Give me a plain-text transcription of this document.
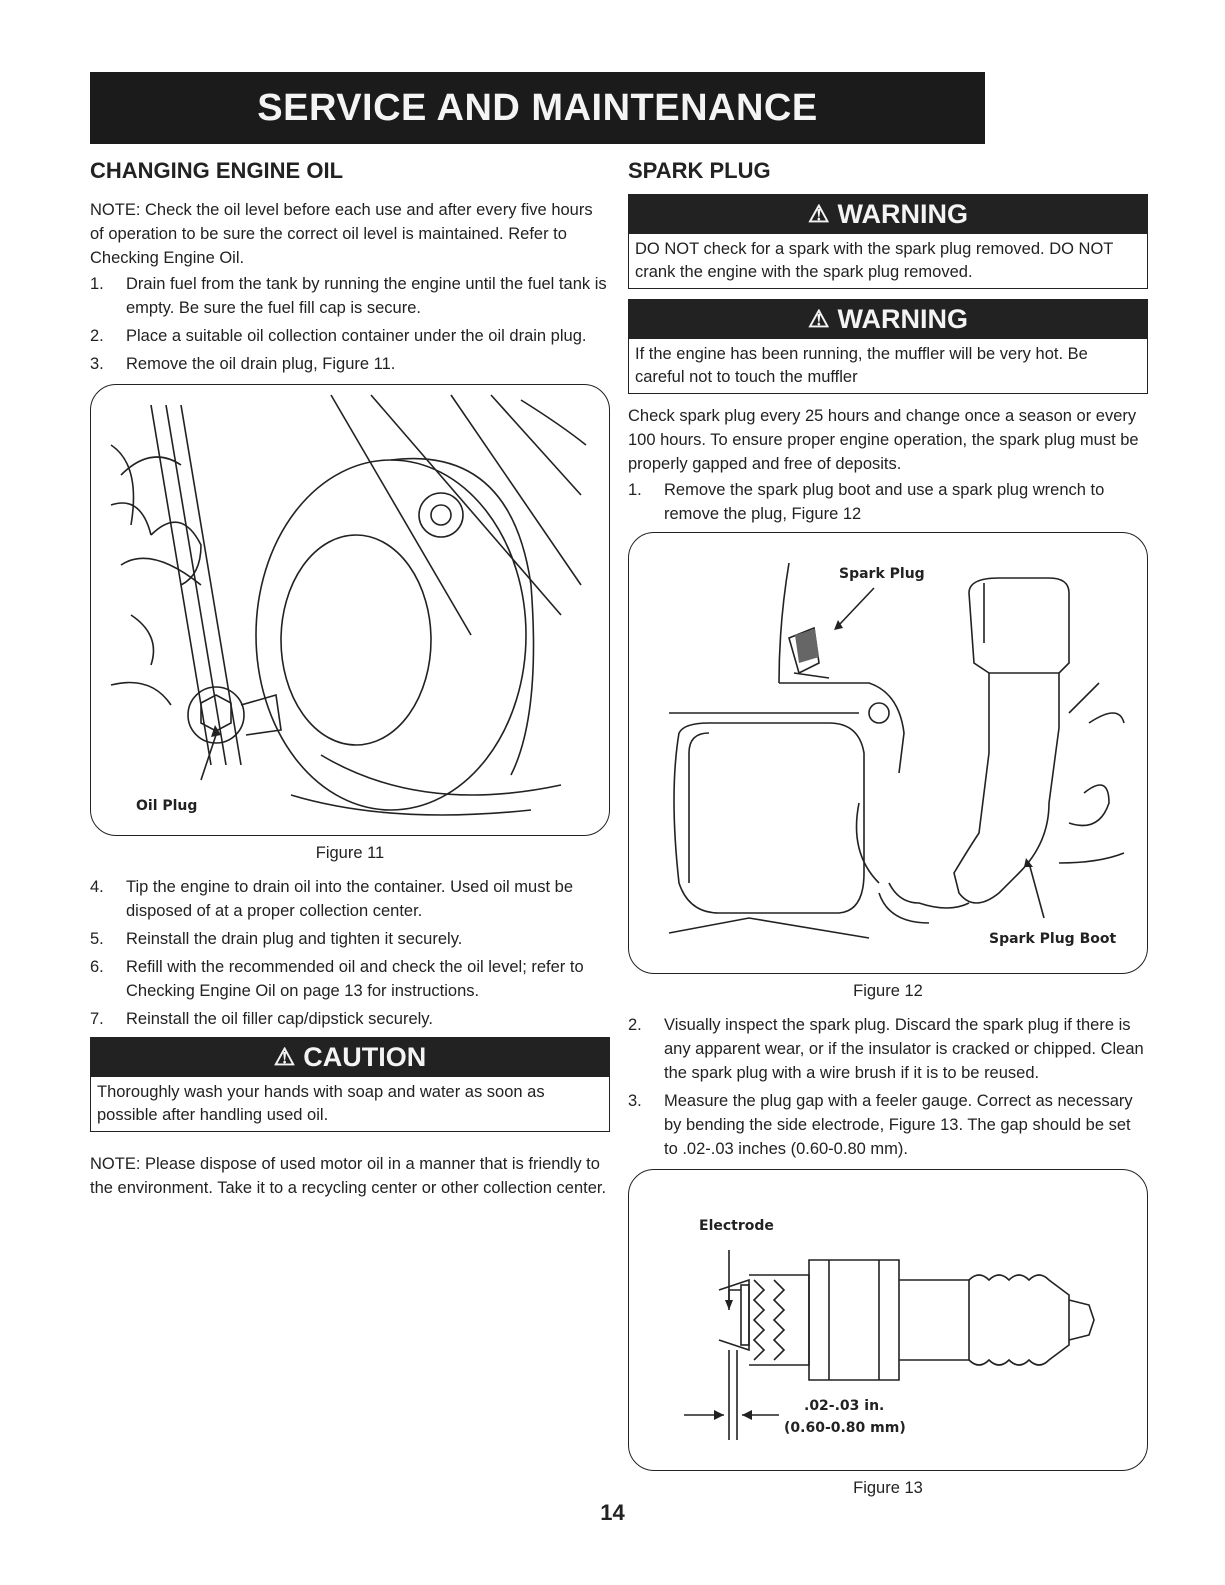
SERVICE AND MAINTENANCE
CHANGING ENGINE OIL

NOTE: Check the oil level before each use and after every five hours of operation to be sure the correct oil level is maintained. Refer to Checking Engine Oil.

1.	Drain fuel from the tank by running the engine until the fuel tank is empty. Be sure the fuel fill cap is secure.
2.	Place a suitable oil collection container under the oil drain plug.
3.	Remove the oil drain plug, Figure 11.
Oil Plug
Figure 11
4.	Tip the engine to drain oil into the container. Used oil must be disposed of at a proper collection center.
5.	Reinstall the drain plug and tighten it securely.
6.	Refill with the recommended oil and check the oil level; refer to Checking Engine Oil on page 13 for instructions.
7.	Reinstall the oil filler cap/dipstick securely.
⚠ CAUTION
Thoroughly wash your hands with soap and water as soon as possible after handling used oil.

NOTE: Please dispose of used motor oil in a manner that is friendly to the environment. Take it to a recycling center or other collection center.

SPARK PLUG
⚠ WARNING
DO NOT check for a spark with the spark plug removed. DO NOT crank the engine with the spark plug removed.
⚠ WARNING
If the engine has been running, the muffler will be very hot. Be careful not to touch the muffler

Check spark plug every 25 hours and change once a season or every 100 hours. To ensure proper engine operation, the spark plug must be properly gapped and free of deposits.

1.	Remove the spark plug boot and use a spark plug wrench to remove the plug, Figure 12
Spark Plug
Spark Plug Boot
Figure 12
2.	Visually inspect the spark plug. Discard the spark plug if there is any apparent wear, or if the insulator is cracked or chipped. Clean the spark plug with a wire brush if it is to be reused.
3.	Measure the plug gap with a feeler gauge. Correct as necessary by bending the side electrode, Figure 13. The gap should be set to .02-.03 inches (0.60-0.80 mm).
Electrode
.02-.03 in.
(0.60-0.80 mm)
Figure 13
14
